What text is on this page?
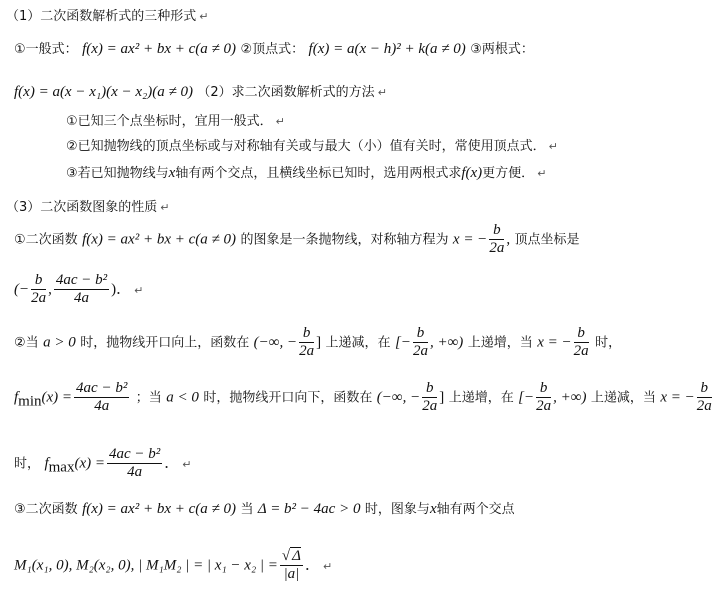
（1）二次函数解析式的三种形式 ↵
①一般式： f(x) = ax² + bx + c(a ≠ 0) ②顶点式： f(x) = a(x − h)² + k(a ≠ 0) ③两根式：
f(x) = a(x − x₁)(x − x₂)(a ≠ 0) （2）求二次函数解析式的方法 ↵
①已知三个点坐标时，宜用一般式． ↵
②已知抛物线的顶点坐标或与对称轴有关或与最大（小）值有关时，常使用顶点式． ↵
③若已知抛物线与x轴有两个交点，且横线坐标已知时，选用两根式求f(x)更方便． ↵
（3）二次函数图象的性质 ↵
①二次函数 f(x) = ax² + bx + c(a ≠ 0) 的图象是一条抛物线，对称轴方程为 x = − $\frac{b}{2a}$ , 顶点坐标是
(− $\frac{b}{2a}$ , $\frac{\text{4ac − b²}}{4a}$ )． ↵
②当 a > 0 时，抛物线开口向上，函数在 (−∞, − $\frac{b}{2a}$ ] 上递减，在 [− $\frac{b}{2a}$ , +∞) 上递增，当 x = − $\frac{b}{2a}$ 时，
$f_{min}(x) = \frac{\text{4ac − b²}}{4a}$ ；当 a < 0 时，抛物线开口向下，函数在 (−∞, − $\frac{b}{2a}$ ] 上递增，在 [− $\frac{b}{2a}$ , +∞) 上递减，当 x = − $\frac{b}{2a}$
时， $f_{max}(x) = \frac{\text{4ac − b²}}{4a}$ ． ↵
③二次函数 f(x) = ax² + bx + c(a ≠ 0) 当 Δ = b² − 4ac > 0 时，图象与x轴有两个交点
M₁(x₁, 0), M₂(x₂, 0), | M₁M₂ | = | x₁ − x₂ | = $\frac{√ \Delta}{|a|}$ ． ↵
